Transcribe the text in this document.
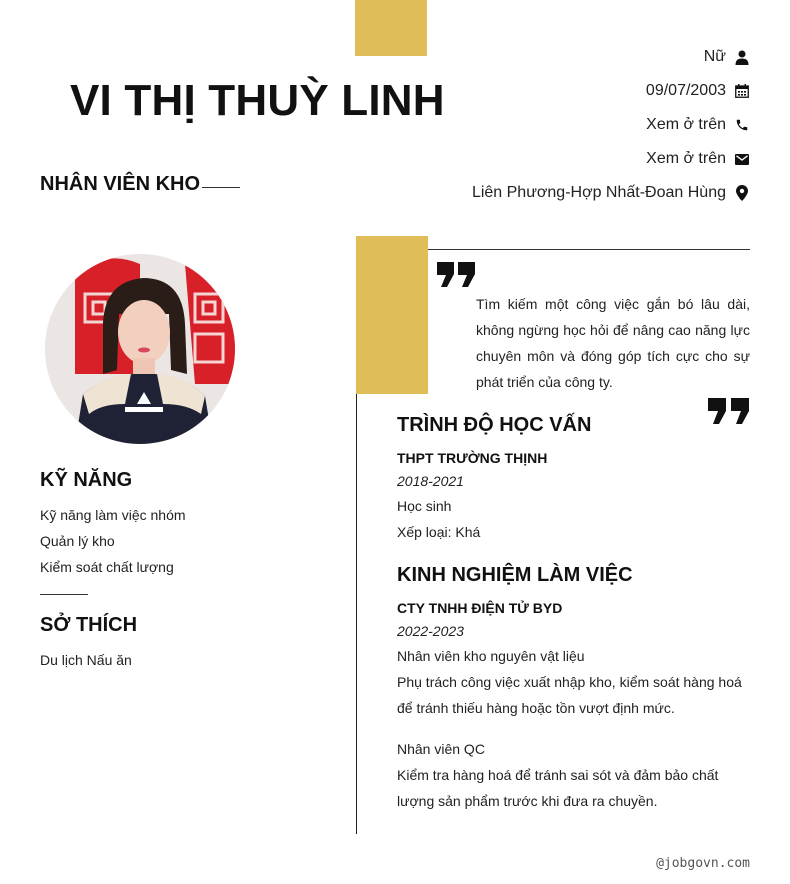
VI THỊ THUỲ LINH
NHÂN VIÊN KHO
Nữ
09/07/2003
Xem ở trên
Xem ở trên
Liên Phương-Hợp Nhất-Đoan Hùng
KỸ NĂNG
Kỹ năng làm việc nhóm
Quản lý kho
Kiểm soát chất lượng
SỞ THÍCH
Du lịch Nấu ăn
Tìm kiếm một công việc gắn bó lâu dài, không ngừng học hỏi để nâng cao năng lực chuyên môn và đóng góp tích cực cho sự phát triển của công ty.
TRÌNH ĐỘ HỌC VẤN
THPT TRƯỜNG THỊNH
2018-2021
Học sinh
Xếp loại: Khá
KINH NGHIỆM LÀM VIỆC
CTY TNHH ĐIỆN TỬ BYD
2022-2023
Nhân viên kho nguyên vật liệu
Phụ trách công việc xuất nhập kho, kiểm soát hàng hoá để tránh thiếu hàng hoặc tồn vượt định mức.
Nhân viên QC
Kiểm tra hàng hoá để tránh sai sót và đảm bảo chất lượng sản phẩm trước khi đưa ra chuyền.
@jobgovn.com
